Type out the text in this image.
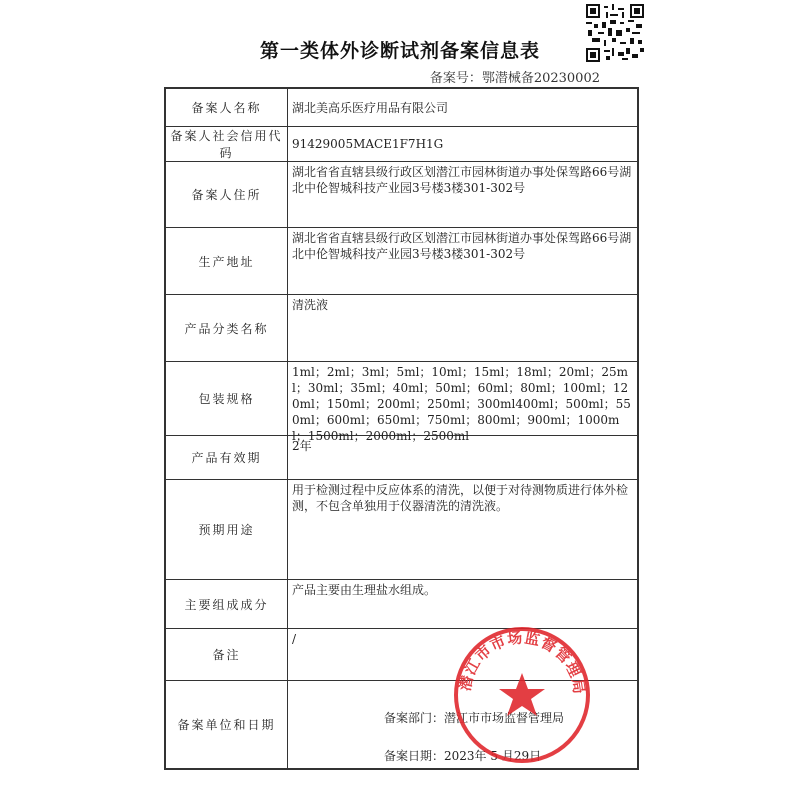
第一类体外诊断试剂备案信息表
备案号：鄂潜械备20230002
备案人名称	湖北美高乐医疗用品有限公司
备案人社会信用代码	91429005MACE1F7H1G
备案人住所	湖北省省直辖县级行政区划潜江市园林街道办事处保驾路66号湖北中伦智城科技产业园3号楼3楼301-302号
生产地址	湖北省省直辖县级行政区划潜江市园林街道办事处保驾路66号湖北中伦智城科技产业园3号楼3楼301-302号
产品分类名称	清洗液
包装规格	1ml；2ml；3ml；5ml；10ml；15ml；18ml；20ml；25ml；30ml；35ml；40ml；50ml；60ml；80ml；100ml；120ml；150ml；200ml；250ml；300ml400ml；500ml；550ml；600ml；650ml；750ml；800ml；900ml；1000ml；1500ml；2000ml；2500ml

产品有效期	2年
预期用途	用于检测过程中反应体系的清洗，以便于对待测物质进行体外检测，不包含单独用于仪器清洗的清洗液。
主要组成成分	产品主要由生理盐水组成。
备注	/
备案单位和日期	备案部门：潜江市市场监督管理局
备案日期：2023年 5 月29日
潜江市市场监督管理局
